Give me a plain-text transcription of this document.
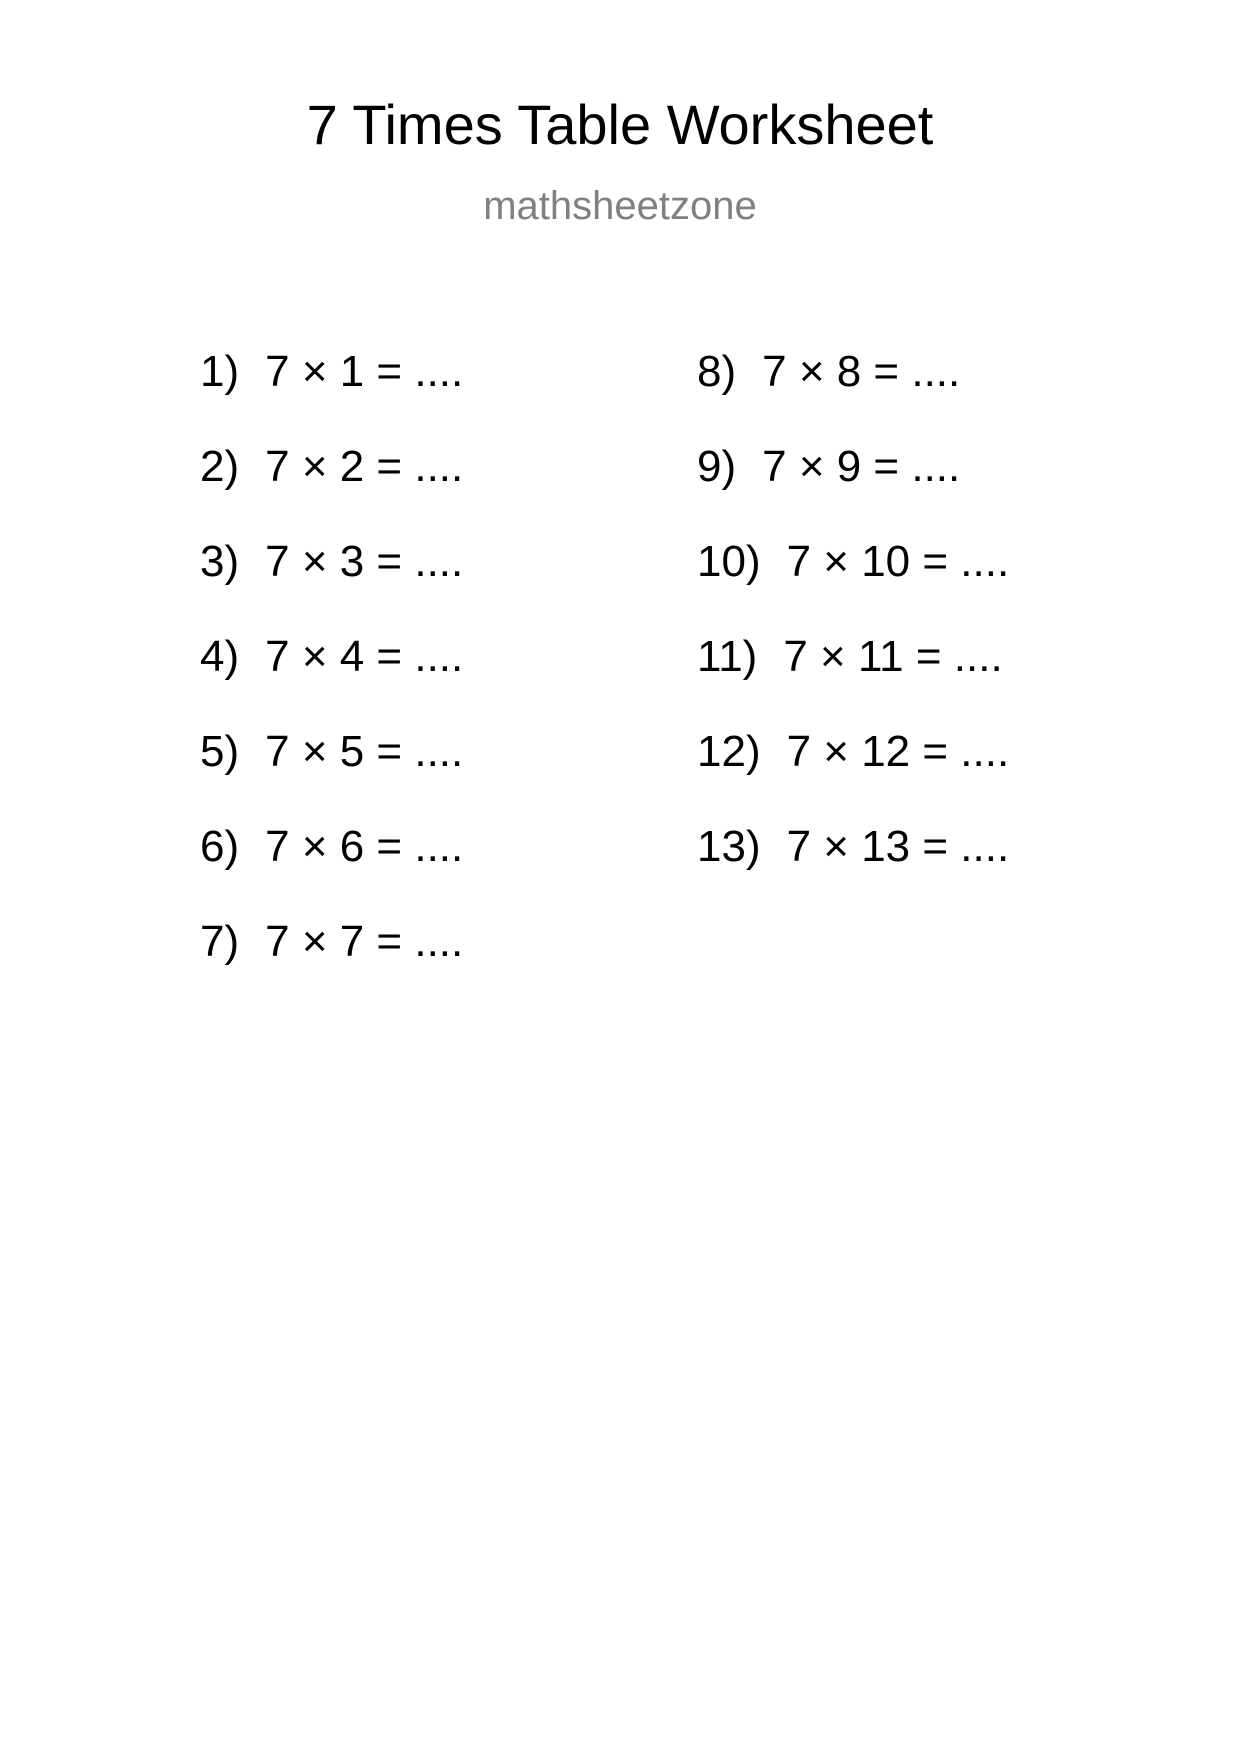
7 Times Table Worksheet
mathsheetzone
1) 7 × 1 = ....
2) 7 × 2 = ....
3) 7 × 3 = ....
4) 7 × 4 = ....
5) 7 × 5 = ....
6) 7 × 6 = ....
7) 7 × 7 = ....
8) 7 × 8 = ....
9) 7 × 9 = ....
10) 7 × 10 = ....
11) 7 × 11 = ....
12) 7 × 12 = ....
13) 7 × 13 = ....
